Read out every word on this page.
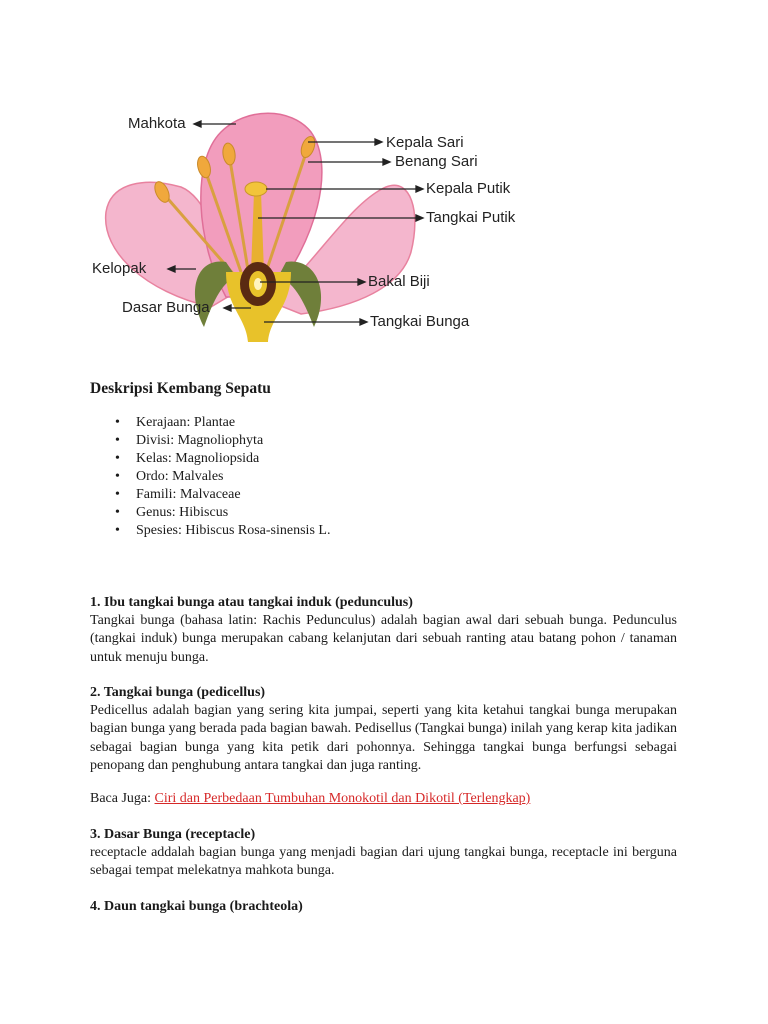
Mahkota
Kepala Sari
Benang Sari
Kepala Putik
Tangkai Putik
Kelopak
Bakal Biji
Dasar Bunga
Tangkai Bunga
Deskripsi Kembang Sepatu
• Kerajaan: Plantae
• Divisi: Magnoliophyta
• Kelas: Magnoliopsida
• Ordo: Malvales
• Famili: Malvaceae
• Genus: Hibiscus
• Spesies: Hibiscus Rosa-sinensis L.
1. Ibu tangkai bunga atau tangkai induk (pedunculus)

Tangkai bunga (bahasa latin: Rachis Pedunculus) adalah bagian awal dari sebuah bunga. Pedunculus (tangkai induk) bunga merupakan cabang kelanjutan dari sebuah ranting atau batang pohon / tanaman untuk menuju bunga.

2. Tangkai bunga (pedicellus)

Pedicellus adalah bagian yang sering kita jumpai, seperti yang kita ketahui tangkai bunga merupakan bagian bunga yang berada pada bagian bawah. Pedisellus (Tangkai bunga) inilah yang kerap kita jadikan sebagai bagian bunga yang kita petik dari pohonnya. Sehingga tangkai bunga berfungsi sebagai penopang dan penghubung antara tangkai dan juga ranting.

Baca Juga: Ciri dan Perbedaan Tumbuhan Monokotil dan Dikotil (Terlengkap)
3. Dasar Bunga (receptacle)

receptacle addalah bagian bunga yang menjadi bagian dari ujung tangkai bunga, receptacle ini berguna sebagai tempat melekatnya mahkota bunga.

4. Daun tangkai bunga (brachteola)
